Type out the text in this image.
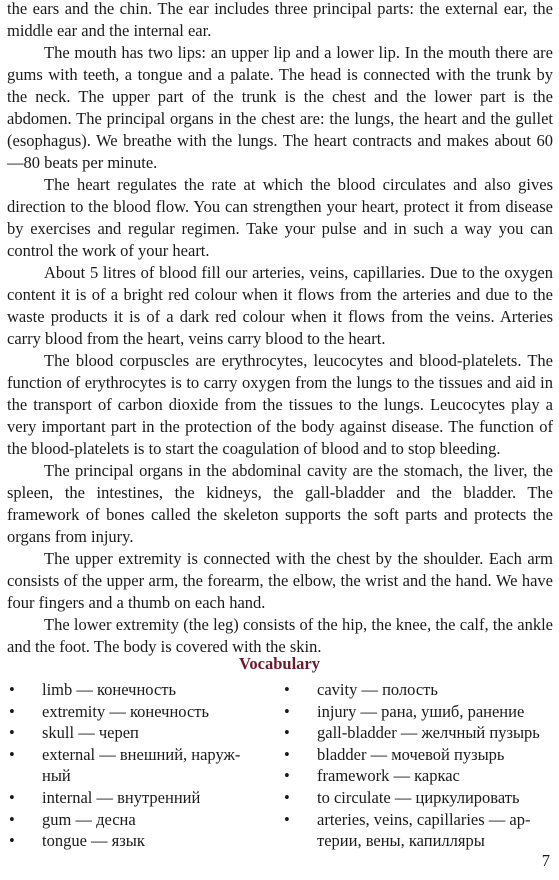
the ears and the chin. The ear includes three principal parts: the external ear, the middle ear and the internal ear.

The mouth has two lips: an upper lip and a lower lip. In the mouth there are gums with teeth, a tongue and a palate. The head is connected with the trunk by the neck. The upper part of the trunk is the chest and the lower part is the abdomen. The principal organs in the chest are: the lungs, the heart and the gullet (esophagus). We breathe with the lungs. The heart contracts and makes about 60—80 beats per minute.

The heart regulates the rate at which the blood circulates and also gives direction to the blood flow. You can strengthen your heart, protect it from disease by exercises and regular regimen. Take your pulse and in such a way you can control the work of your heart.

About 5 litres of blood fill our arteries, veins, capillaries. Due to the oxygen content it is of a bright red colour when it flows from the arteries and due to the waste products it is of a dark red colour when it flows from the veins. Arteries carry blood from the heart, veins carry blood to the heart.

The blood corpuscles are erythrocytes, leucocytes and blood-platelets. The function of erythrocytes is to carry oxygen from the lungs to the tissues and aid in the transport of carbon dioxide from the tissues to the lungs. Leucocytes play a very important part in the protection of the body against disease. The function of the blood-platelets is to start the coagulation of blood and to stop bleeding.

The principal organs in the abdominal cavity are the stomach, the liver, the spleen, the intestines, the kidneys, the gall-bladder and the bladder. The framework of bones called the skeleton supports the soft parts and protects the organs from injury.

The upper extremity is connected with the chest by the shoulder. Each arm consists of the upper arm, the forearm, the elbow, the wrist and the hand. We have four fingers and a thumb on each hand.

The lower extremity (the leg) consists of the hip, the knee, the calf, the ankle and the foot. The body is covered with the skin.

Vocabulary
• limb — конечность
• extremity — конечность
• skull — череп
• external — внешний, наруж-
ный
• internal — внутренний
• gum — десна
• tongue — язык
• cavity — полость
• injury — рана, ушиб, ранение
• gall-bladder — желчный пузырь
• bladder — мочевой пузырь
• framework — каркас
• to circulate — циркулировать
• arteries, veins, capillaries — ар-
терии, вены, капилляры
7
